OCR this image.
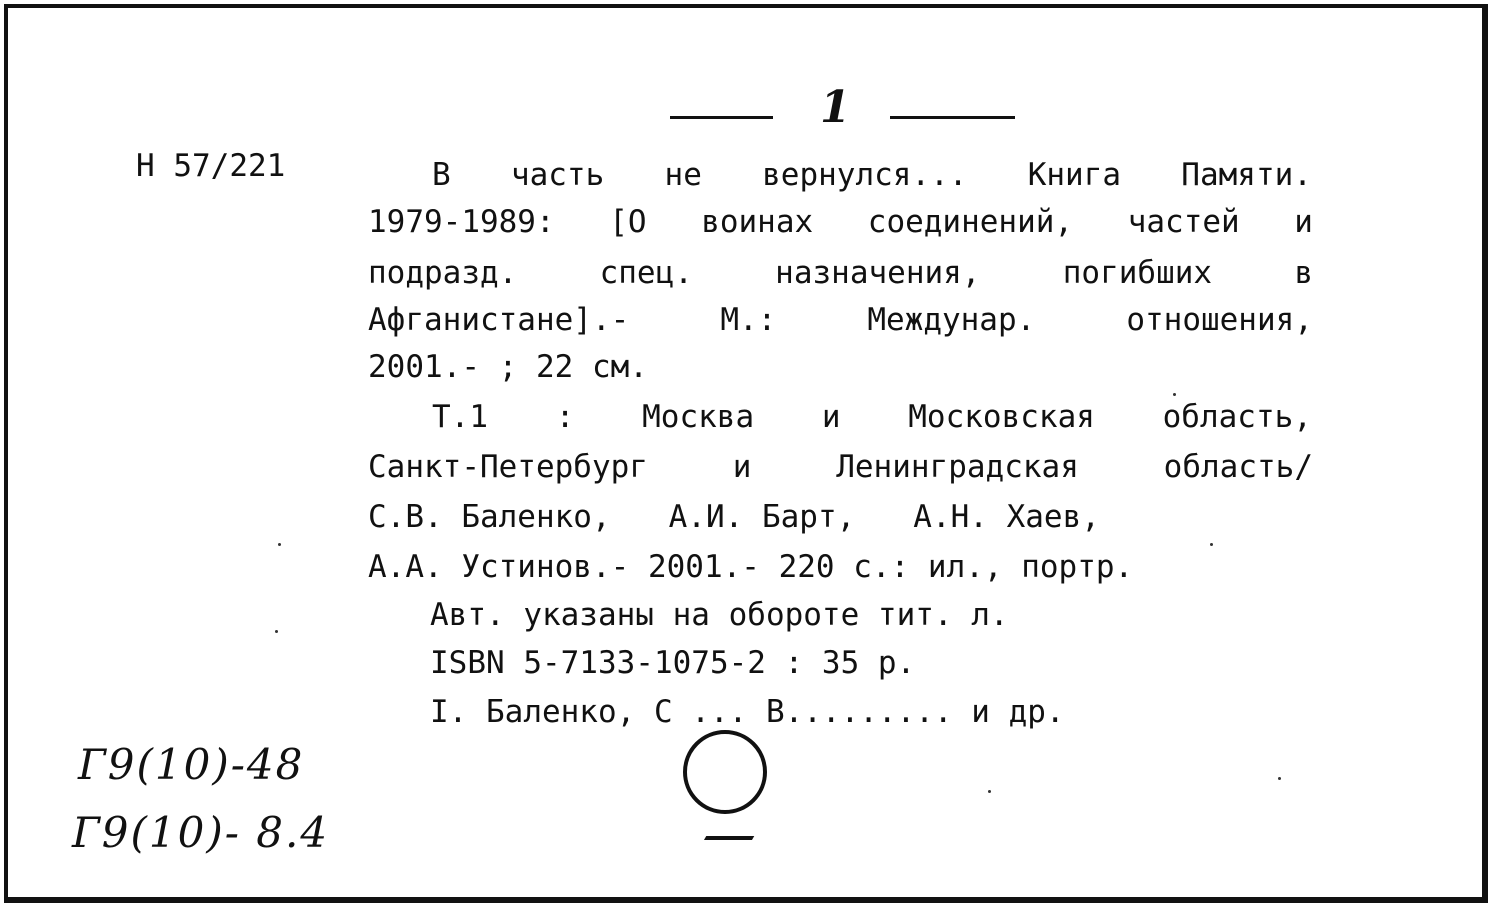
1
Н 57/221	В часть не вернулся... Книга Памяти.
1979-1989: [О воинах соединений, частей и
подразд.	спец.	назначения,	погибших	в
Афганистане].-	М.:	Междунар.	отношения,
2001.- ; 22 см.
Т.1 : Москва и Московская область,
Санкт-Петербург	и	Ленинградская	область/
С.В. Баленко, А.И. Барт, А.Н. Хаев,
А.А. Устинов.- 2001.- 220 с.: ил., портр.
Авт. указаны на обороте тит. л.
ISBN 5-7133-1075-2 : 35 р.
I. Баленко, С ... В......... и др.
Г9(10)-48
Г9(10)- 8.4
